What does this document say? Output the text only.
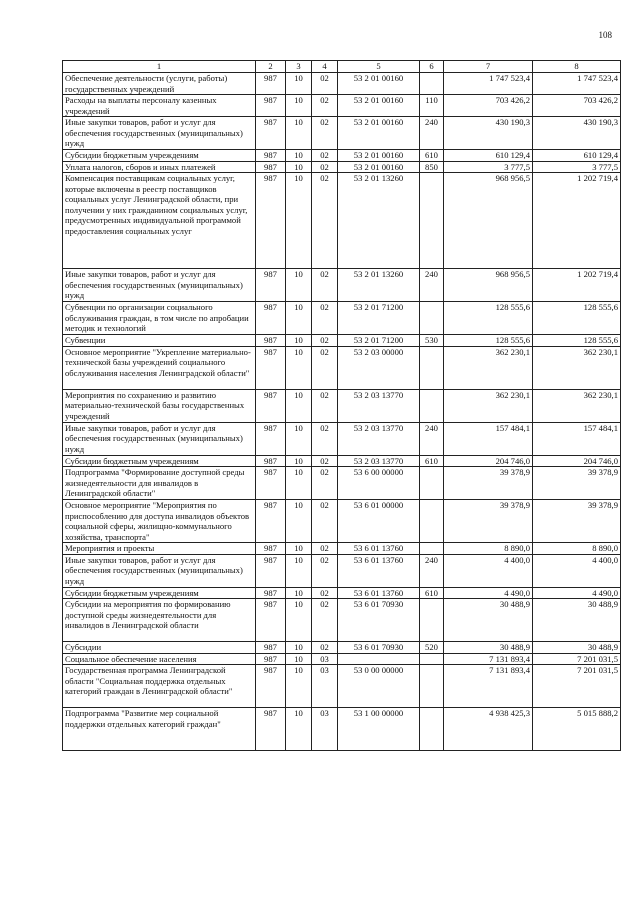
108
1	2	3	4	5	6	7	8
Обеспечение деятельности (услуги, работы) государственных учреждений	987	10	02	53 2 01 00160		1 747 523,4	1 747 523,4
Расходы на выплаты персоналу казенных учреждений	987	10	02	53 2 01 00160	110	703 426,2	703 426,2
Иные закупки товаров, работ и услуг для обеспечения государственных (муниципальных) нужд	987	10	02	53 2 01 00160	240	430 190,3	430 190,3
Субсидии бюджетным учреждениям	987	10	02	53 2 01 00160	610	610 129,4	610 129,4
Уплата налогов, сборов и иных платежей	987	10	02	53 2 01 00160	850	3 777,5	3 777,5
Компенсация поставщикам социальных услуг, которые включены в реестр поставщиков социальных услуг Ленинградской области, при получении у них гражданином социальных услуг, предусмотренных индивидуальной программой предоставления социальных услуг	987	10	02	53 2 01 13260		968 956,5	1 202 719,4
Иные закупки товаров, работ и услуг для обеспечения государственных (муниципальных) нужд	987	10	02	53 2 01 13260	240	968 956,5	1 202 719,4
Субвенции по организации социального обслуживания граждан, в том числе по апробации методик и технологий	987	10	02	53 2 01 71200		128 555,6	128 555,6
Субвенции	987	10	02	53 2 01 71200	530	128 555,6	128 555,6
Основное мероприятие "Укрепление материально- технической базы учреждений социального обслуживания населения Ленинградской области"	987	10	02	53 2 03 00000		362 230,1	362 230,1
Мероприятия по сохранению и развитию материально-технической базы государственных учреждений	987	10	02	53 2 03 13770		362 230,1	362 230,1
Иные закупки товаров, работ и услуг для обеспечения государственных (муниципальных) нужд	987	10	02	53 2 03 13770	240	157 484,1	157 484,1
Субсидии бюджетным учреждениям	987	10	02	53 2 03 13770	610	204 746,0	204 746,0
Подпрограмма "Формирование доступной среды жизнедеятельности для инвалидов в Ленинградской области"	987	10	02	53 6 00 00000		39 378,9	39 378,9
Основное мероприятие "Мероприятия по приспособлению для доступа инвалидов объектов социальной сферы, жилищно-коммунального хозяйства, транспорта"	987	10	02	53 6 01 00000		39 378,9	39 378,9
Мероприятия и проекты	987	10	02	53 6 01 13760		8 890,0	8 890,0
Иные закупки товаров, работ и услуг для обеспечения государственных (муниципальных) нужд	987	10	02	53 6 01 13760	240	4 400,0	4 400,0
Субсидии бюджетным учреждениям	987	10	02	53 6 01 13760	610	4 490,0	4 490,0
Субсидии на мероприятия по формированию доступной среды жизнедеятельности для инвалидов в Ленинградской области	987	10	02	53 6 01 70930		30 488,9	30 488,9
Субсидии	987	10	02	53 6 01 70930	520	30 488,9	30 488,9
Социальное обеспечение населения	987	10	03			7 131 893,4	7 201 031,5
Государственная программа Ленинградской области "Социальная поддержка отдельных категорий граждан в Ленинградской области"	987	10	03	53 0 00 00000		7 131 893,4	7 201 031,5
Подпрограмма "Развитие мер социальной поддержки отдельных категорий граждан"	987	10	03	53 1 00 00000		4 938 425,3	5 015 888,2
